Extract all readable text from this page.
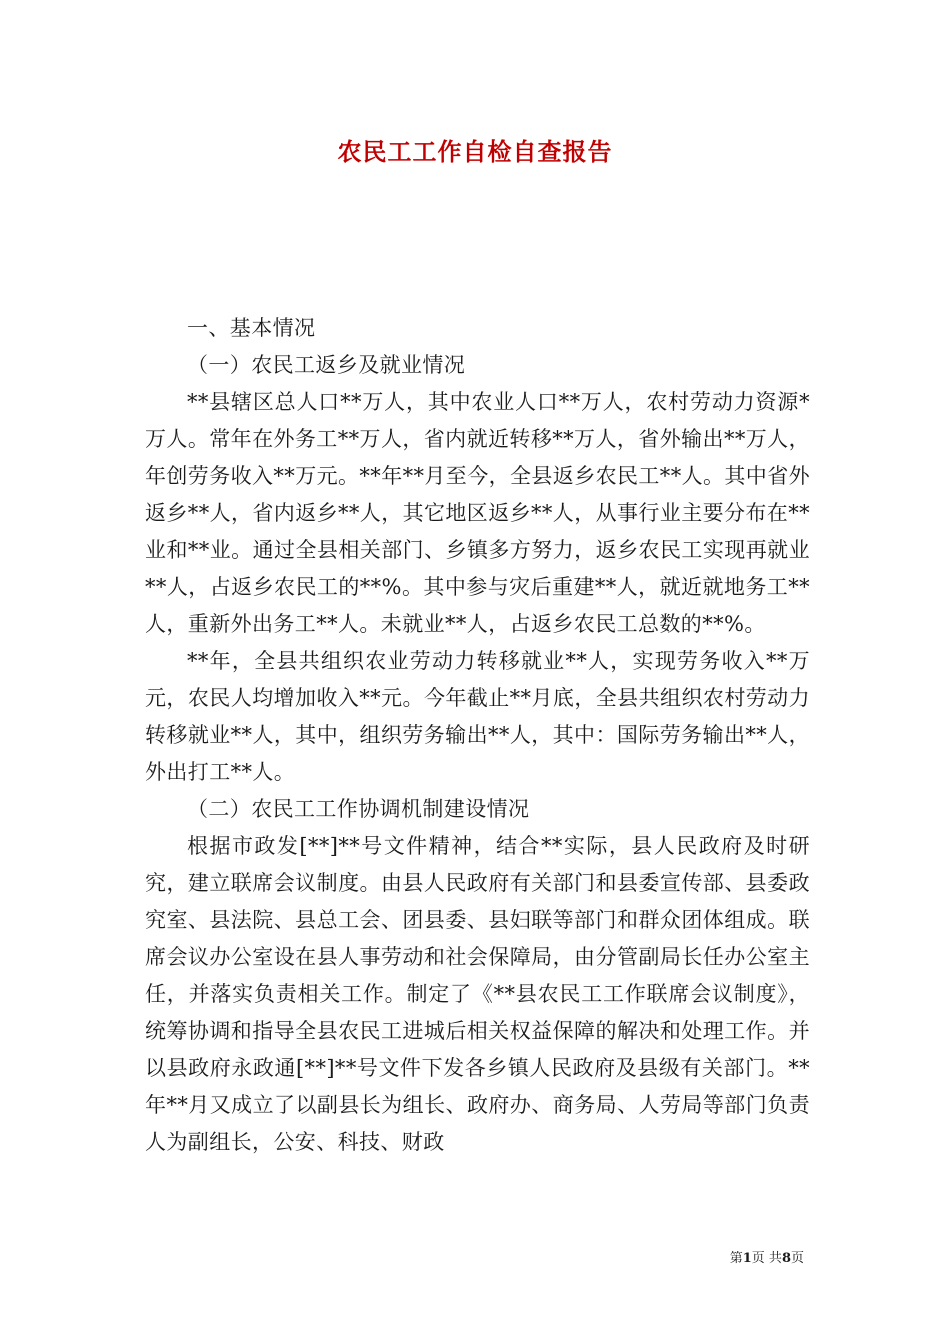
农民工工作自检自查报告

一、基本情况

（一）农民工返乡及就业情况

**县辖区总人口**万人，其中农业人口**万人，农村劳动力资源*万人。常年在外务工**万人，省内就近转移**万人，省外输出**万人，年创劳务收入**万元。**年**月至今，全县返乡农民工**人。其中省外返乡**人，省内返乡**人，其它地区返乡**人，从事行业主要分布在**业和**业。通过全县相关部门、乡镇多方努力，返乡农民工实现再就业**人，占返乡农民工的**%。其中参与灾后重建**人，就近就地务工**人，重新外出务工**人。未就业**人，占返乡农民工总数的**%。

**年，全县共组织农业劳动力转移就业**人，实现劳务收入**万元，农民人均增加收入**元。今年截止**月底，全县共组织农村劳动力转移就业**人，其中，组织劳务输出**人，其中：国际劳务输出**人，外出打工**人。

（二）农民工工作协调机制建设情况

根据市政发[**]**号文件精神，结合**实际，县人民政府及时研究，建立联席会议制度。由县人民政府有关部门和县委宣传部、县委政究室、县法院、县总工会、团县委、县妇联等部门和群众团体组成。联席会议办公室设在县人事劳动和社会保障局，由分管副局长任办公室主任，并落实负责相关工作。制定了《**县农民工工作联席会议制度》，统筹协调和指导全县农民工进城后相关权益保障的解决和处理工作。并以县政府永政通[**]**号文件下发各乡镇人民政府及县级有关部门。**年**月又成立了以副县长为组长、政府办、商务局、人劳局等部门负责人为副组长，公安、科技、财政

第1页 共8页
